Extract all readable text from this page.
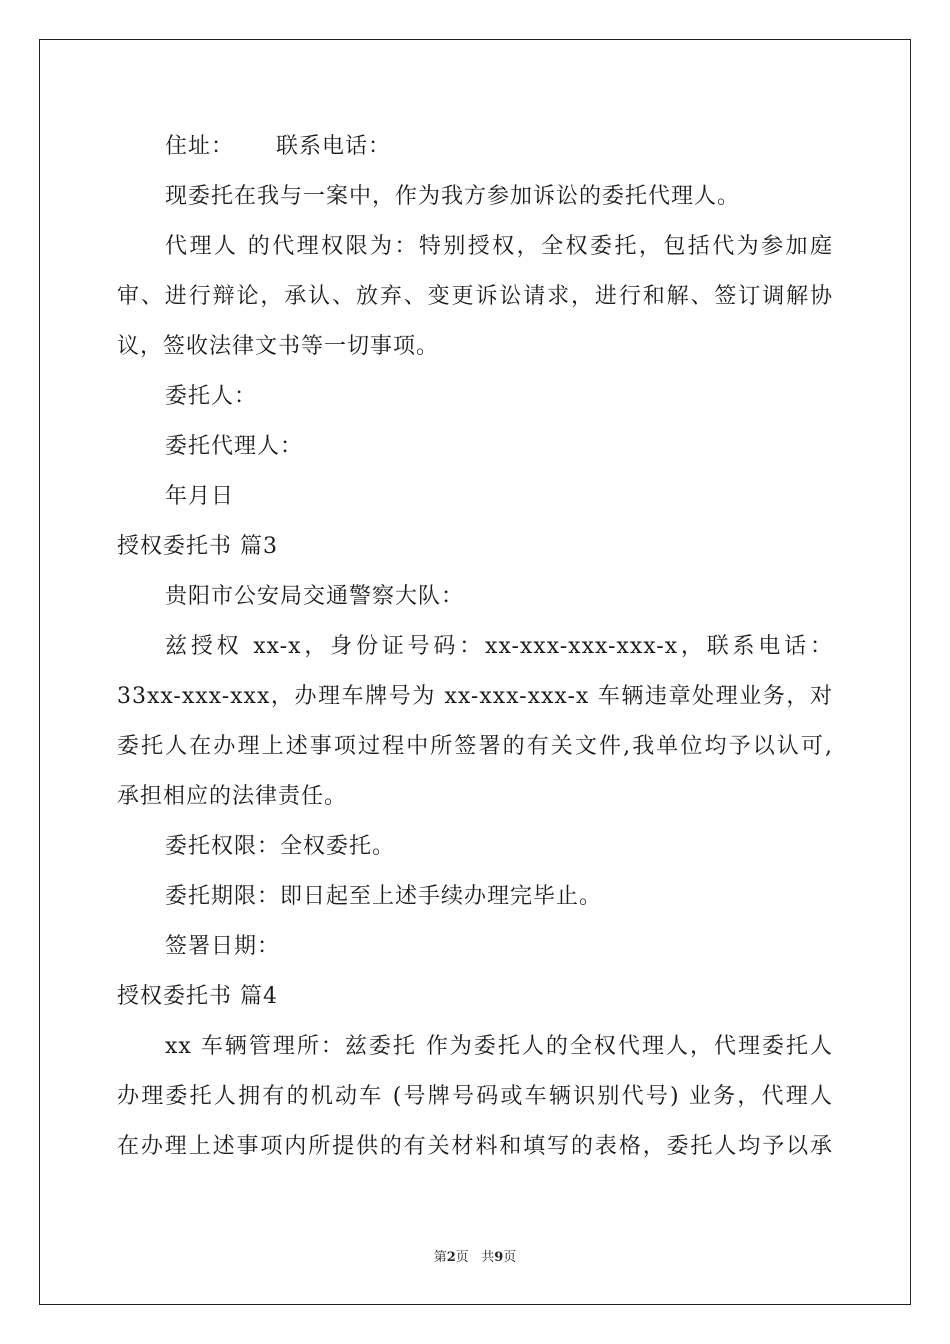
住址： 联系电话：
现委托在我与一案中，作为我方参加诉讼的委托代理人。
代理人 的代理权限为：特别授权，全权委托，包括代为参加庭
审、进行辩论，承认、放弃、变更诉讼请求，进行和解、签订调解协
议，签收法律文书等一切事项。
委托人：
委托代理人：
年月日
授权委托书 篇3
贵阳市公安局交通警察大队：
兹授权 xx-x，身份证号码：xx-xxx-xxx-xxx-x，联系电话：
33xx-xxx-xxx，办理车牌号为 xx-xxx-xxx-x 车辆违章处理业务，对
委托人在办理上述事项过程中所签署的有关文件,我单位均予以认可,
承担相应的法律责任。
委托权限：全权委托。
委托期限：即日起至上述手续办理完毕止。
签署日期：
授权委托书 篇4
xx 车辆管理所：兹委托 作为委托人的全权代理人，代理委托人
办理委托人拥有的机动车 (号牌号码或车辆识别代号) 业务，代理人
在办理上述事项内所提供的有关材料和填写的表格，委托人均予以承
第2页 共9页
